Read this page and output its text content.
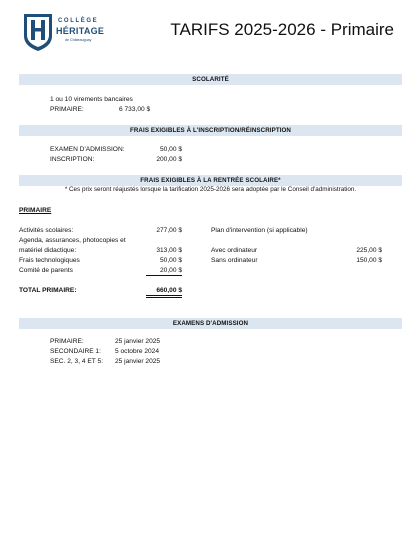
COLLÈGE
HÉRITAGE
de Châteauguay
TARIFS 2025-2026 - Primaire
SCOLARITÉ
1 ou 10 virements bancaires
PRIMAIRE:	6 733,00 $
FRAIS EXIGIBLES À L'INSCRIPTION/RÉINSCRIPTION
EXAMEN D'ADMISSION:	50,00 $
INSCRIPTION:	200,00 $
FRAIS EXIGIBLES À LA RENTRÉE SCOLAIRE*
* Ces prix seront réajustés lorsque la tarification 2025-2026 sera adoptée par le Conseil d'administration.
PRIMAIRE
Activités scolaires:	277,00 $
Agenda, assurances, photocopies et
matériel didactique:	313,00 $
Frais technologiques	50,00 $
Comité de parents	20,00 $
Plan d'intervention (si applicable)
Avec ordinateur	225,00 $
Sans ordinateur	150,00 $
TOTAL PRIMAIRE:	660,00 $
EXAMENS D'ADMISSION
PRIMAIRE:	25 janvier 2025
SECONDAIRE 1: 5 octobre 2024
SEC. 2, 3, 4 ET 5: 25 janvier 2025
